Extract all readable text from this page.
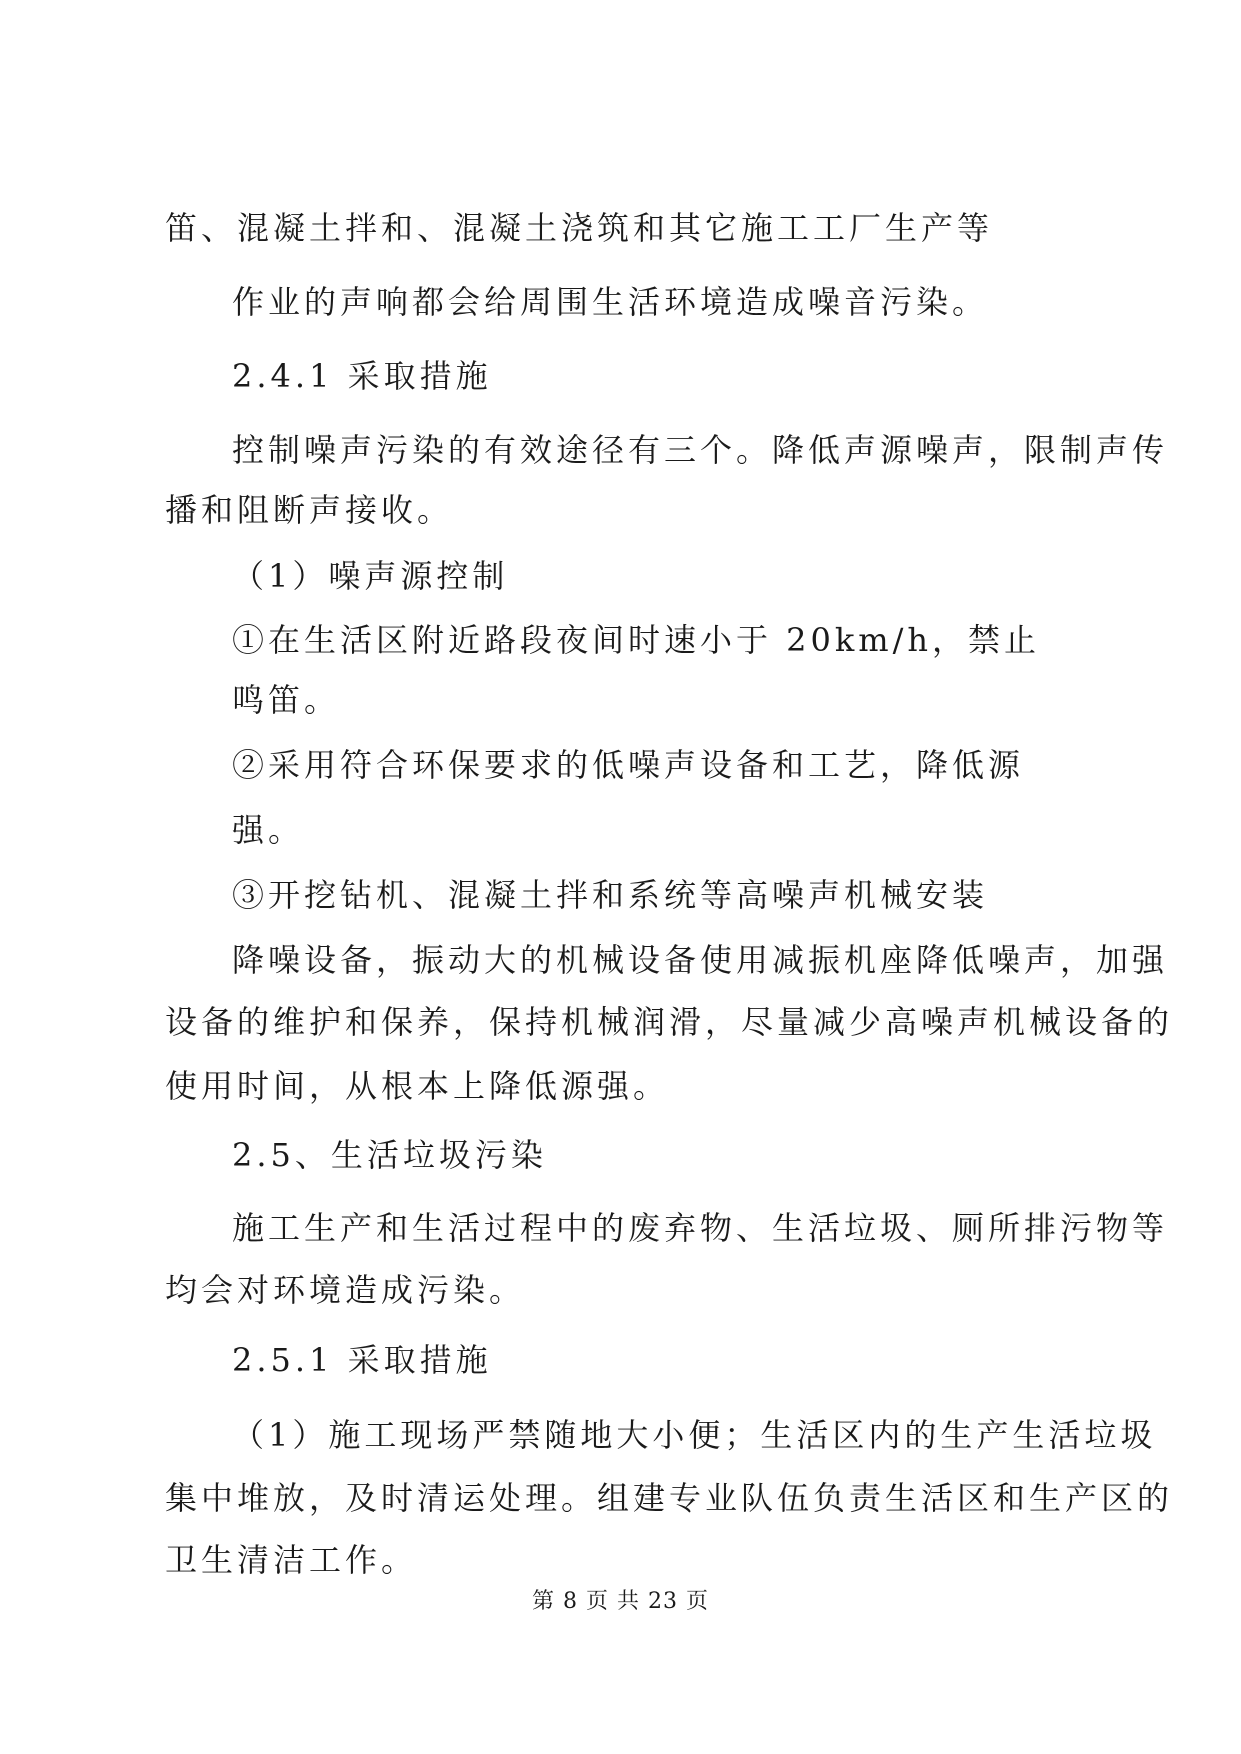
笛、混凝土拌和、混凝土浇筑和其它施工工厂生产等
作业的声响都会给周围生活环境造成噪音污染。
2.4.1 采取措施
控制噪声污染的有效途径有三个。降低声源噪声，限制声传
播和阻断声接收。
（1）噪声源控制
①在生活区附近路段夜间时速小于 20km/h，禁止
鸣笛。
②采用符合环保要求的低噪声设备和工艺，降低源
强。
③开挖钻机、混凝土拌和系统等高噪声机械安装
降噪设备，振动大的机械设备使用减振机座降低噪声，加强
设备的维护和保养，保持机械润滑，尽量减少高噪声机械设备的
使用时间，从根本上降低源强。
2.5、生活垃圾污染
施工生产和生活过程中的废弃物、生活垃圾、厕所排污物等
均会对环境造成污染。
2.5.1 采取措施
（1）施工现场严禁随地大小便；生活区内的生产生活垃圾
集中堆放，及时清运处理。组建专业队伍负责生活区和生产区的
卫生清洁工作。
第 8 页 共 23 页
